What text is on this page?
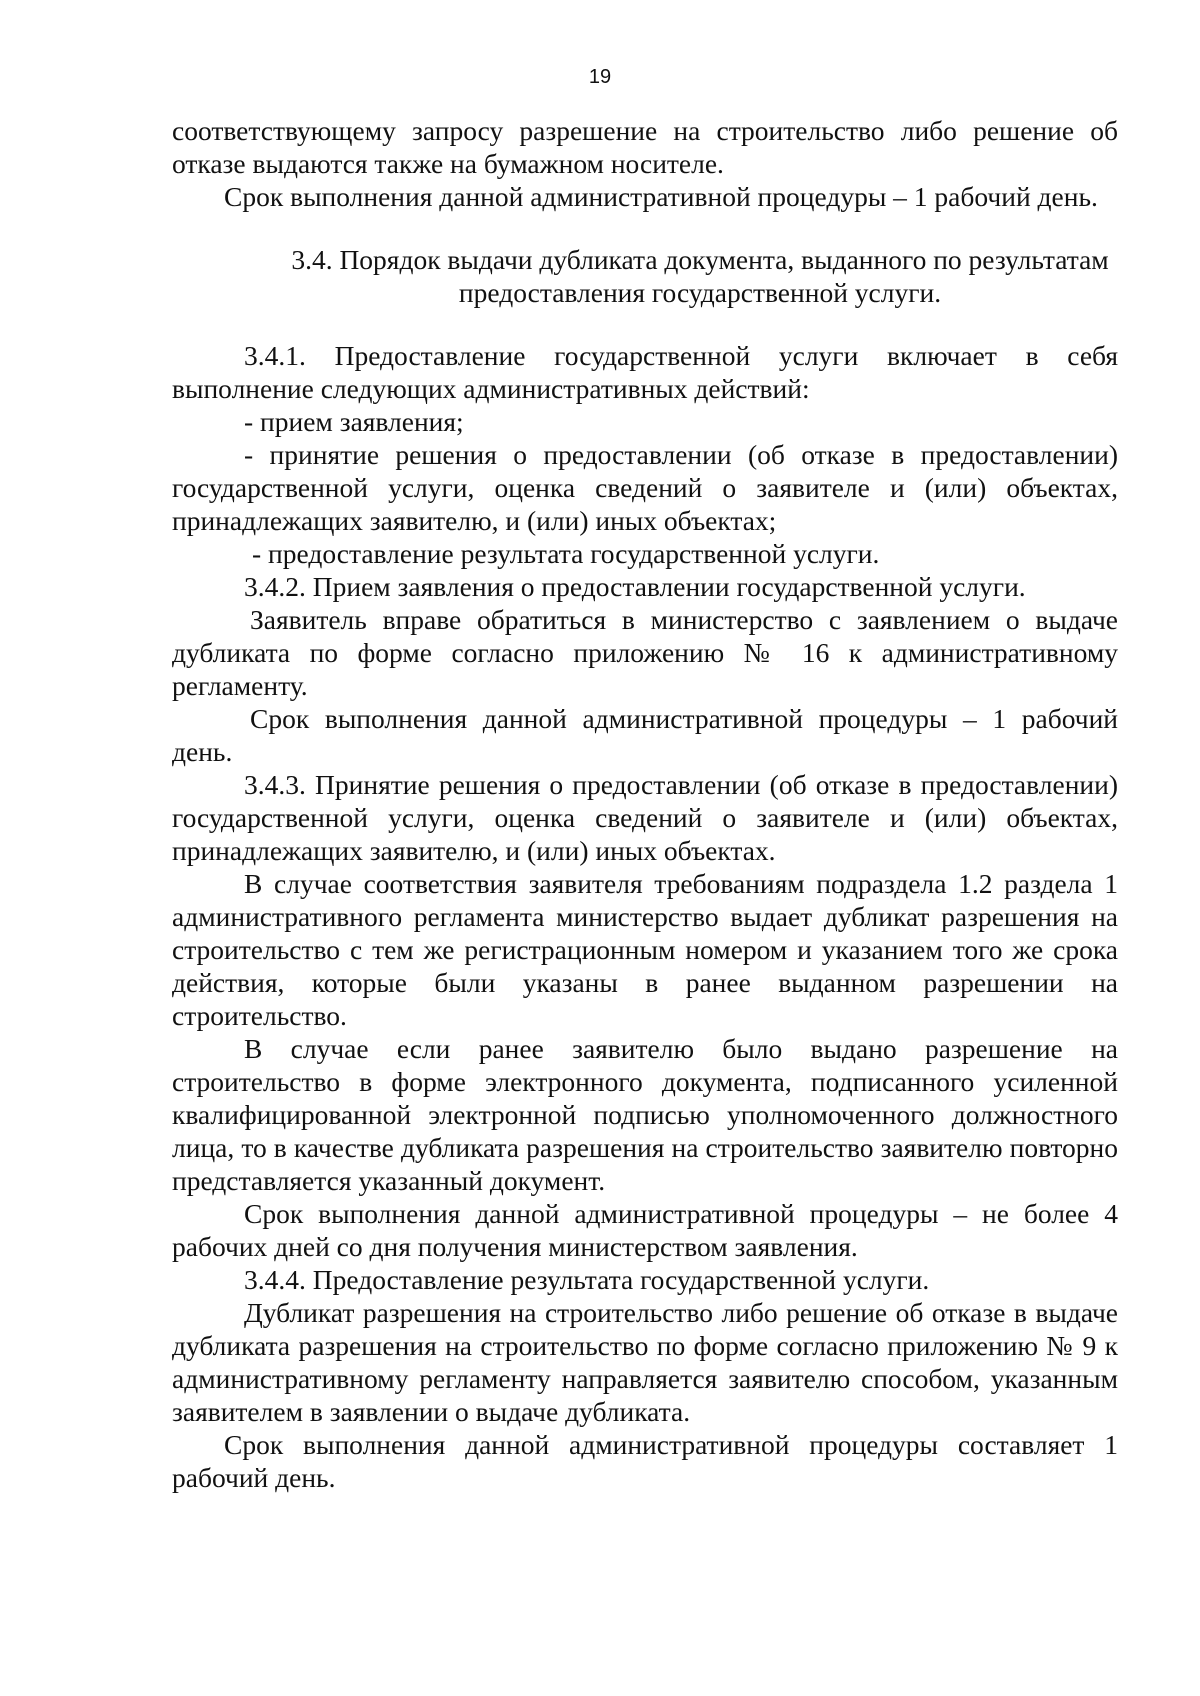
19

соответствующему запросу разрешение на строительство либо решение об отказе выдаются также на бумажном носителе.

Срок выполнения данной административной процедуры – 1 рабочий день.

3.4. Порядок выдачи дубликата документа, выданного по результатам
предоставления государственной услуги.

3.4.1. Предоставление государственной услуги включает в себя выполнение следующих административных действий:

- прием заявления;

- принятие решения о предоставлении (об отказе в предоставлении) государственной услуги, оценка сведений о заявителе и (или) объектах, принадлежащих заявителю, и (или) иных объектах;

- предоставление результата государственной услуги.

3.4.2. Прием заявления о предоставлении государственной услуги.

Заявитель вправе обратиться в министерство с заявлением о выдаче дубликата по форме согласно приложению № 16 к административному регламенту.

Срок выполнения данной административной процедуры – 1 рабочий день.

3.4.3. Принятие решения о предоставлении (об отказе в предоставлении) государственной услуги, оценка сведений о заявителе и (или) объектах, принадлежащих заявителю, и (или) иных объектах.

В случае соответствия заявителя требованиям подраздела 1.2 раздела 1 административного регламента министерство выдает дубликат разрешения на строительство с тем же регистрационным номером и указанием того же срока действия, которые были указаны в ранее выданном разрешении на строительство.

В случае если ранее заявителю было выдано разрешение на строительство в форме электронного документа, подписанного усиленной квалифицированной электронной подписью уполномоченного должностного лица, то в качестве дубликата разрешения на строительство заявителю повторно представляется указанный документ.

Срок выполнения данной административной процедуры – не более 4 рабочих дней со дня получения министерством заявления.

3.4.4. Предоставление результата государственной услуги.

Дубликат разрешения на строительство либо решение об отказе в выдаче дубликата разрешения на строительство по форме согласно приложению № 9 к административному регламенту направляется заявителю способом, указанным заявителем в заявлении о выдаче дубликата.

Срок выполнения данной административной процедуры составляет 1 рабочий день.
